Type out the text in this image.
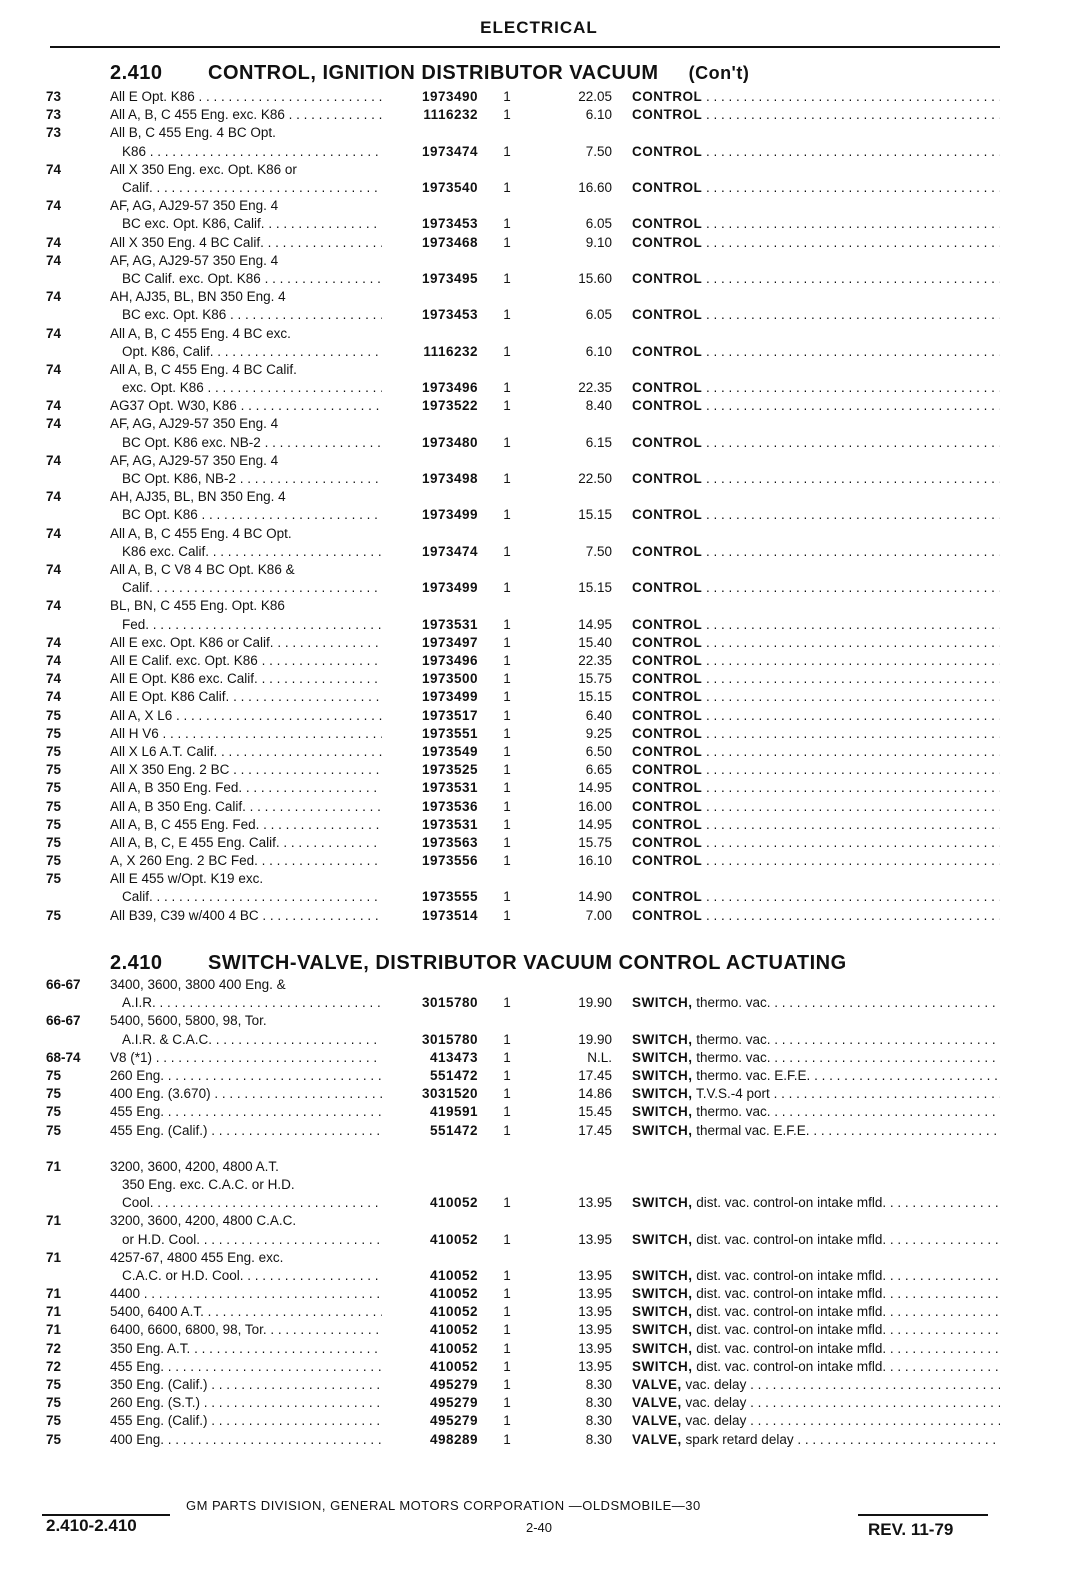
ELECTRICAL
2.410 CONTROL, IGNITION DISTRIBUTOR VACUUM (Con't)
73	All E Opt. K86 . . .	1973490 1	22.05 CONTROL . . .
73	All A, B, C 455 Eng. exc. K86 . . .	1116232 1	6.10 CONTROL . . .
73	All B, C 455 Eng. 4 BC Opt.
K86 . . .	1973474 1	7.50 CONTROL . . .
74	All X 350 Eng. exc. Opt. K86 or
Calif. . . .	1973540 1	16.60 CONTROL . . .
74	AF, AG, AJ29-57 350 Eng. 4
BC exc. Opt. K86, Calif. . . .	1973453 1	6.05 CONTROL . . .
74	All X 350 Eng. 4 BC Calif. . . .	1973468 1	9.10 CONTROL . . .
74	AF, AG, AJ29-57 350 Eng. 4
BC Calif. exc. Opt. K86 . . .	1973495 1	15.60 CONTROL . . .
74	AH, AJ35, BL, BN 350 Eng. 4
BC exc. Opt. K86 . . .	1973453 1	6.05 CONTROL . . .
74	All A, B, C 455 Eng. 4 BC exc.
Opt. K86, Calif. . . .	1116232 1	6.10 CONTROL . . .
74	All A, B, C 455 Eng. 4 BC Calif.
exc. Opt. K86 . . .	1973496 1	22.35 CONTROL . . .
74	AG37 Opt. W30, K86 . . .	1973522 1	8.40 CONTROL . . .
74	AF, AG, AJ29-57 350 Eng. 4
BC Opt. K86 exc. NB-2 . . .	1973480 1	6.15 CONTROL . . .
74	AF, AG, AJ29-57 350 Eng. 4
BC Opt. K86, NB-2 . . .	1973498 1	22.50 CONTROL . . .
74	AH, AJ35, BL, BN 350 Eng. 4
BC Opt. K86 . . .	1973499 1	15.15 CONTROL . . .
74	All A, B, C 455 Eng. 4 BC Opt.
K86 exc. Calif. . . .	1973474 1	7.50 CONTROL . . .
74	All A, B, C V8 4 BC Opt. K86 &
Calif. . . .	1973499 1	15.15 CONTROL . . .
74	BL, BN, C 455 Eng. Opt. K86
Fed. . . .	1973531 1	14.95 CONTROL . . .
74	All E exc. Opt. K86 or Calif. . . .	1973497 1	15.40 CONTROL . . .
74	All E Calif. exc. Opt. K86 . . .	1973496 1	22.35 CONTROL . . .
74	All E Opt. K86 exc. Calif. . . .	1973500 1	15.75 CONTROL . . .
74	All E Opt. K86 Calif. . . .	1973499 1	15.15 CONTROL . . .
75	All A, X L6 . . .	1973517 1	6.40 CONTROL . . .
75	All H V6 . . .	1973551 1	9.25 CONTROL . . .
75	All X L6 A.T. Calif. . . .	1973549 1	6.50 CONTROL . . .
75	All X 350 Eng. 2 BC . . .	1973525 1	6.65 CONTROL . . .
75	All A, B 350 Eng. Fed. . . .	1973531 1	14.95 CONTROL . . .
75	All A, B 350 Eng. Calif. . . .	1973536 1	16.00 CONTROL . . .
75	All A, B, C 455 Eng. Fed. . . .	1973531 1	14.95 CONTROL . . .
75	All A, B, C, E 455 Eng. Calif. . . .	1973563 1	15.75 CONTROL . . .
75	A, X 260 Eng. 2 BC Fed. . . .	1973556 1	16.10 CONTROL . . .
75	All E 455 w/Opt. K19 exc.
Calif. . . .	1973555 1	14.90 CONTROL . . .
75	All B39, C39 w/400 4 BC . . .	1973514 1	7.00 CONTROL . . .
2.410 SWITCH-VALVE, DISTRIBUTOR VACUUM CONTROL ACTUATING
66-67	3400, 3600, 3800 400 Eng. &
A.I.R. . . .	3015780 1	19.90 SWITCH, thermo. vac. . . .
66-67	5400, 5600, 5800, 98, Tor.
A.I.R. & C.A.C. . . .	3015780 1	19.90 SWITCH, thermo. vac. . . .
68-74	V8 (*1) . . .	413473 1	N.L. SWITCH, thermo. vac. . . .
75	260 Eng. . . .	551472 1	17.45 SWITCH, thermo. vac. E.F.E. . . .
75	400 Eng. (3.670) . . .	3031520 1	14.86 SWITCH, T.V.S.-4 port . . .
75	455 Eng. . . .	419591 1	15.45 SWITCH, thermo. vac. . . .
75	455 Eng. (Calif.) . . .	551472 1	17.45 SWITCH, thermal vac. E.F.E. . . .
71	3200, 3600, 4200, 4800 A.T.
350 Eng. exc. C.A.C. or H.D.
Cool. . . .	410052 1	13.95 SWITCH, dist. vac. control-on intake mfld. . . .
71	3200, 3600, 4200, 4800 C.A.C.
or H.D. Cool. . . .	410052 1	13.95 SWITCH, dist. vac. control-on intake mfld. . . .
71	4257-67, 4800 455 Eng. exc.
C.A.C. or H.D. Cool. . . .	410052 1	13.95 SWITCH, dist. vac. control-on intake mfld. . . .
71	4400 . . .	410052 1	13.95 SWITCH, dist. vac. control-on intake mfld. . . .
71	5400, 6400 A.T. . . .	410052 1	13.95 SWITCH, dist. vac. control-on intake mfld. . . .
71	6400, 6600, 6800, 98, Tor. . . .	410052 1	13.95 SWITCH, dist. vac. control-on intake mfld. . . .
72	350 Eng. A.T. . . .	410052 1	13.95 SWITCH, dist. vac. control-on intake mfld. . . .
72	455 Eng. . . .	410052 1	13.95 SWITCH, dist. vac. control-on intake mfld. . . .
75	350 Eng. (Calif.) . . .	495279 1	8.30 VALVE, vac. delay . . .
75	260 Eng. (S.T.) . . .	495279 1	8.30 VALVE, vac. delay . . .
75	455 Eng. (Calif.) . . .	495279 1	8.30 VALVE, vac. delay . . .
75	400 Eng. . . .	498289 1	8.30 VALVE, spark retard delay . . .
GM PARTS DIVISION, GENERAL MOTORS CORPORATION —OLDSMOBILE—30
2.410-2.410	2-40	REV. 11-79
